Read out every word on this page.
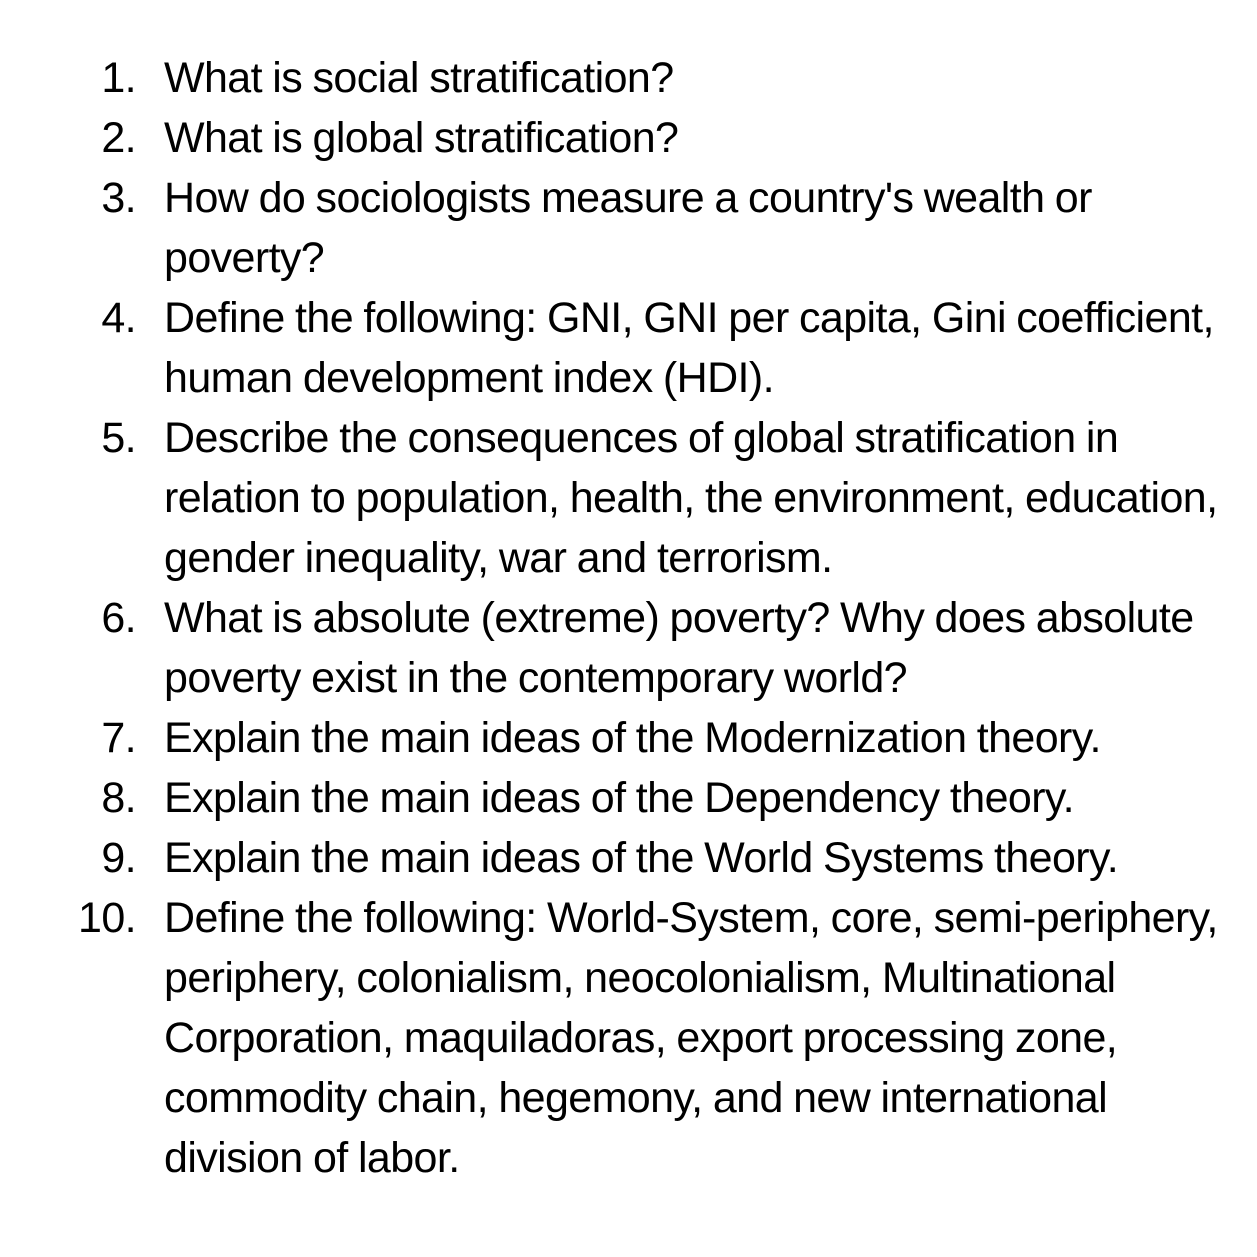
1. What is social stratification?
2. What is global stratification?
3. How do sociologists measure a country's wealth or poverty?
4. Define the following: GNI, GNI per capita, Gini coefficient, human development index (HDI).
5. Describe the consequences of global stratification in relation to population, health, the environment, education, gender inequality, war and terrorism.
6. What is absolute (extreme) poverty? Why does absolute poverty exist in the contemporary world?
7. Explain the main ideas of the Modernization theory.
8. Explain the main ideas of the Dependency theory.
9. Explain the main ideas of the World Systems theory.
10. Define the following: World-System, core, semi-periphery, periphery, colonialism, neocolonialism, Multinational Corporation, maquiladoras, export processing zone, commodity chain, hegemony, and new international division of labor.
